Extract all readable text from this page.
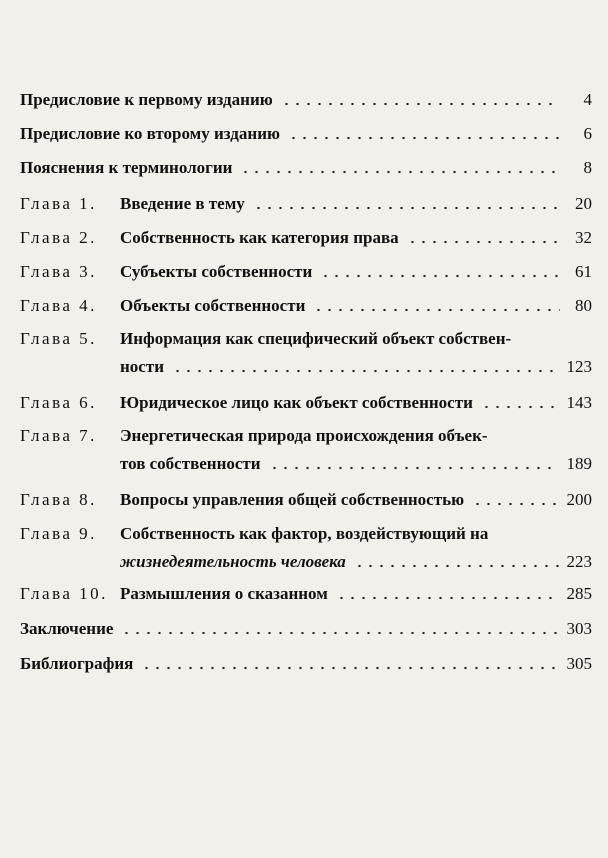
Предисловие к первому изданию	4
Предисловие ко второму изданию	6
Пояснения к терминологии	8
Глава 1.	Введение в тему	20
Глава 2.	Собственность как категория права	32
Глава 3.	Субъекты собственности	61
Глава 4.	Объекты собственности	80
Глава 5.	Информация как специфический объект собствен-
ности	123
Глава 6.	Юридическое лицо как объект собственности	143
Глава 7.	Энергетическая природа происхождения объек-
тов собственности	189
Глава 8.	Вопросы управления общей собственностью	200
Глава 9.	Собственность как фактор, воздействующий на
жизнедеятельность человека	223
Глава 10. Размышления о сказанном	285
Заключение	303
Библиография	305
